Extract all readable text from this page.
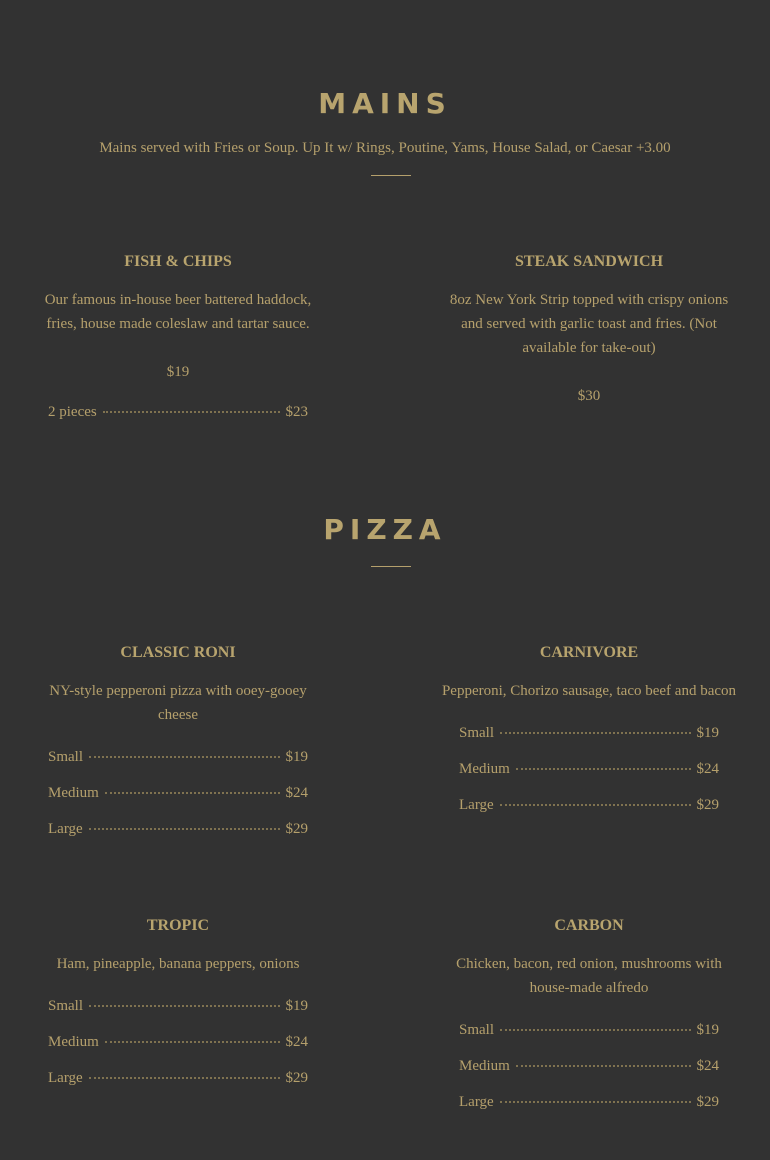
MAINS
Mains served with Fries or Soup. Up It w/ Rings, Poutine, Yams, House Salad, or Caesar +3.00

FISH & CHIPS

Our famous in-house beer battered haddock, fries, house made coleslaw and tartar sauce.

$19

2 pieces	$23

STEAK SANDWICH

8oz New York Strip topped with crispy onions and served with garlic toast and fries. (Not available for take-out)

$30

PIZZA

CLASSIC RONI

NY-style pepperoni pizza with ooey-gooey cheese

Small	$19
Medium	$24
Large	$29

CARNIVORE

Pepperoni, Chorizo sausage, taco beef and bacon

Small	$19
Medium	$24
Large	$29

TROPIC

Ham, pineapple, banana peppers, onions

Small	$19
Medium	$24
Large	$29

CARBON

Chicken, bacon, red onion, mushrooms with house-made alfredo

Small	$19
Medium	$24
Large	$29
